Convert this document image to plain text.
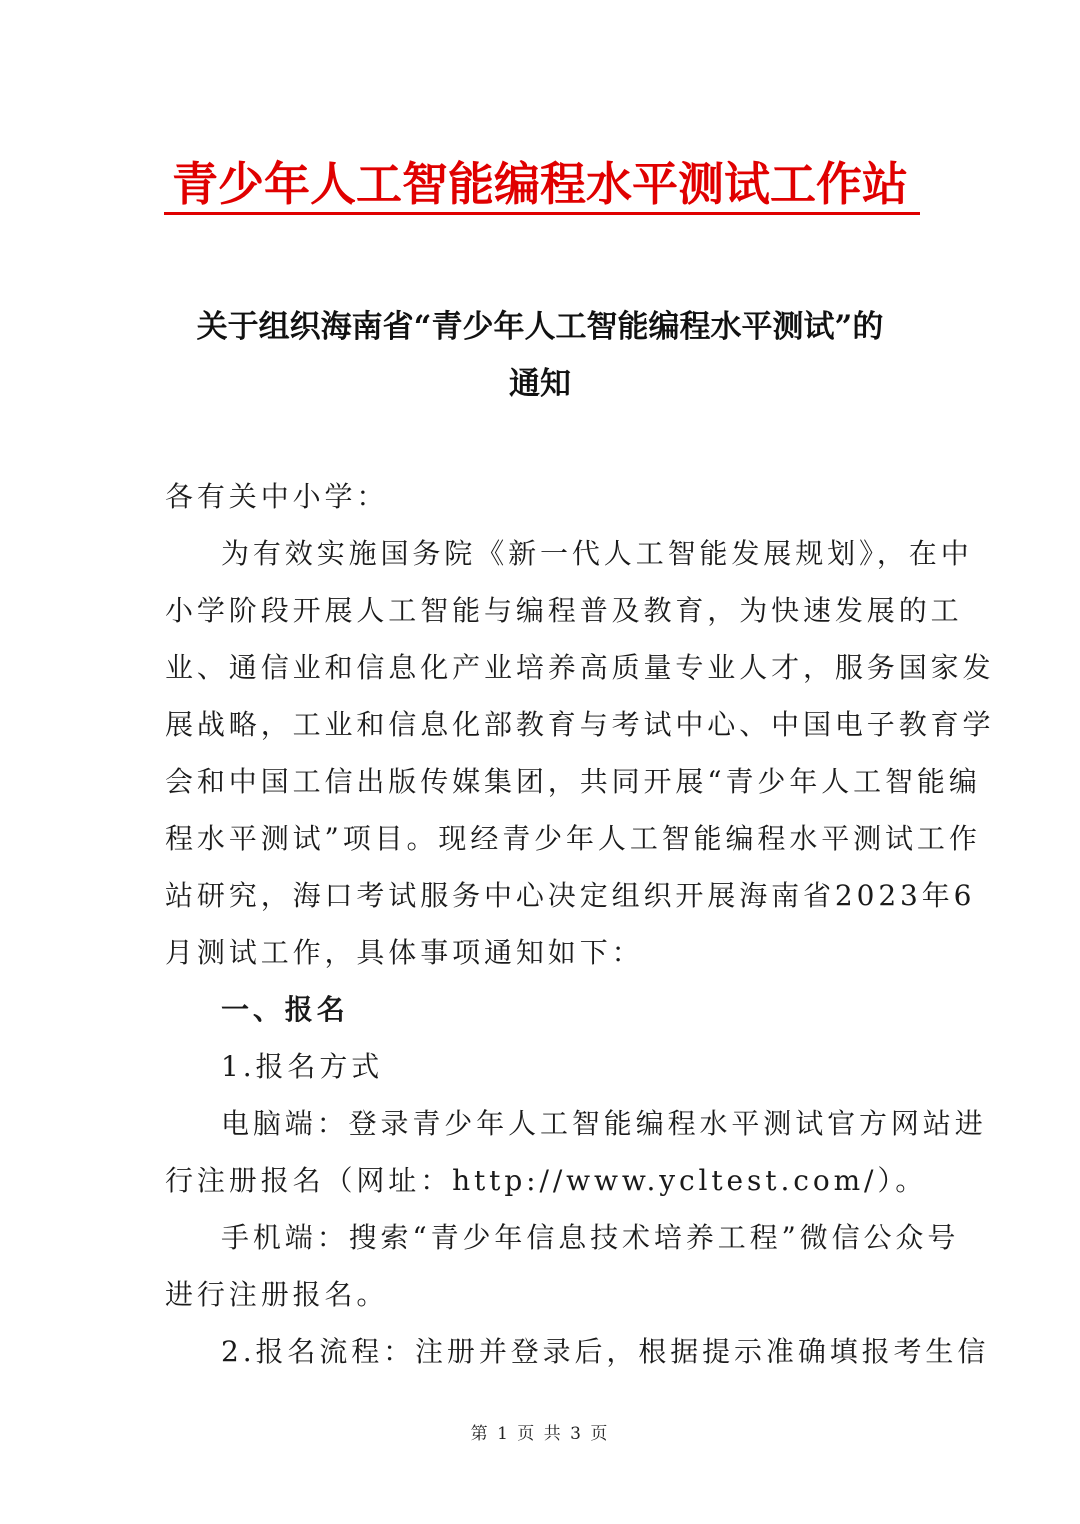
青少年人工智能编程水平测试工作站
关于组织海南省“青少年人工智能编程水平测试”的
通知
各有关中小学：
为有效实施国务院《新一代人工智能发展规划》，在中
小学阶段开展人工智能与编程普及教育，为快速发展的工
业、通信业和信息化产业培养高质量专业人才，服务国家发
展战略，工业和信息化部教育与考试中心、中国电子教育学
会和中国工信出版传媒集团，共同开展“青少年人工智能编
程水平测试”项目。现经青少年人工智能编程水平测试工作
站研究，海口考试服务中心决定组织开展海南省2023年6
月测试工作，具体事项通知如下：
一、报名
1.报名方式
电脑端：登录青少年人工智能编程水平测试官方网站进
行注册报名（网址：http://www.ycltest.com/）。
手机端：搜索“青少年信息技术培养工程”微信公众号
进行注册报名。
2.报名流程：注册并登录后，根据提示准确填报考生信
第 1 页 共 3 页
